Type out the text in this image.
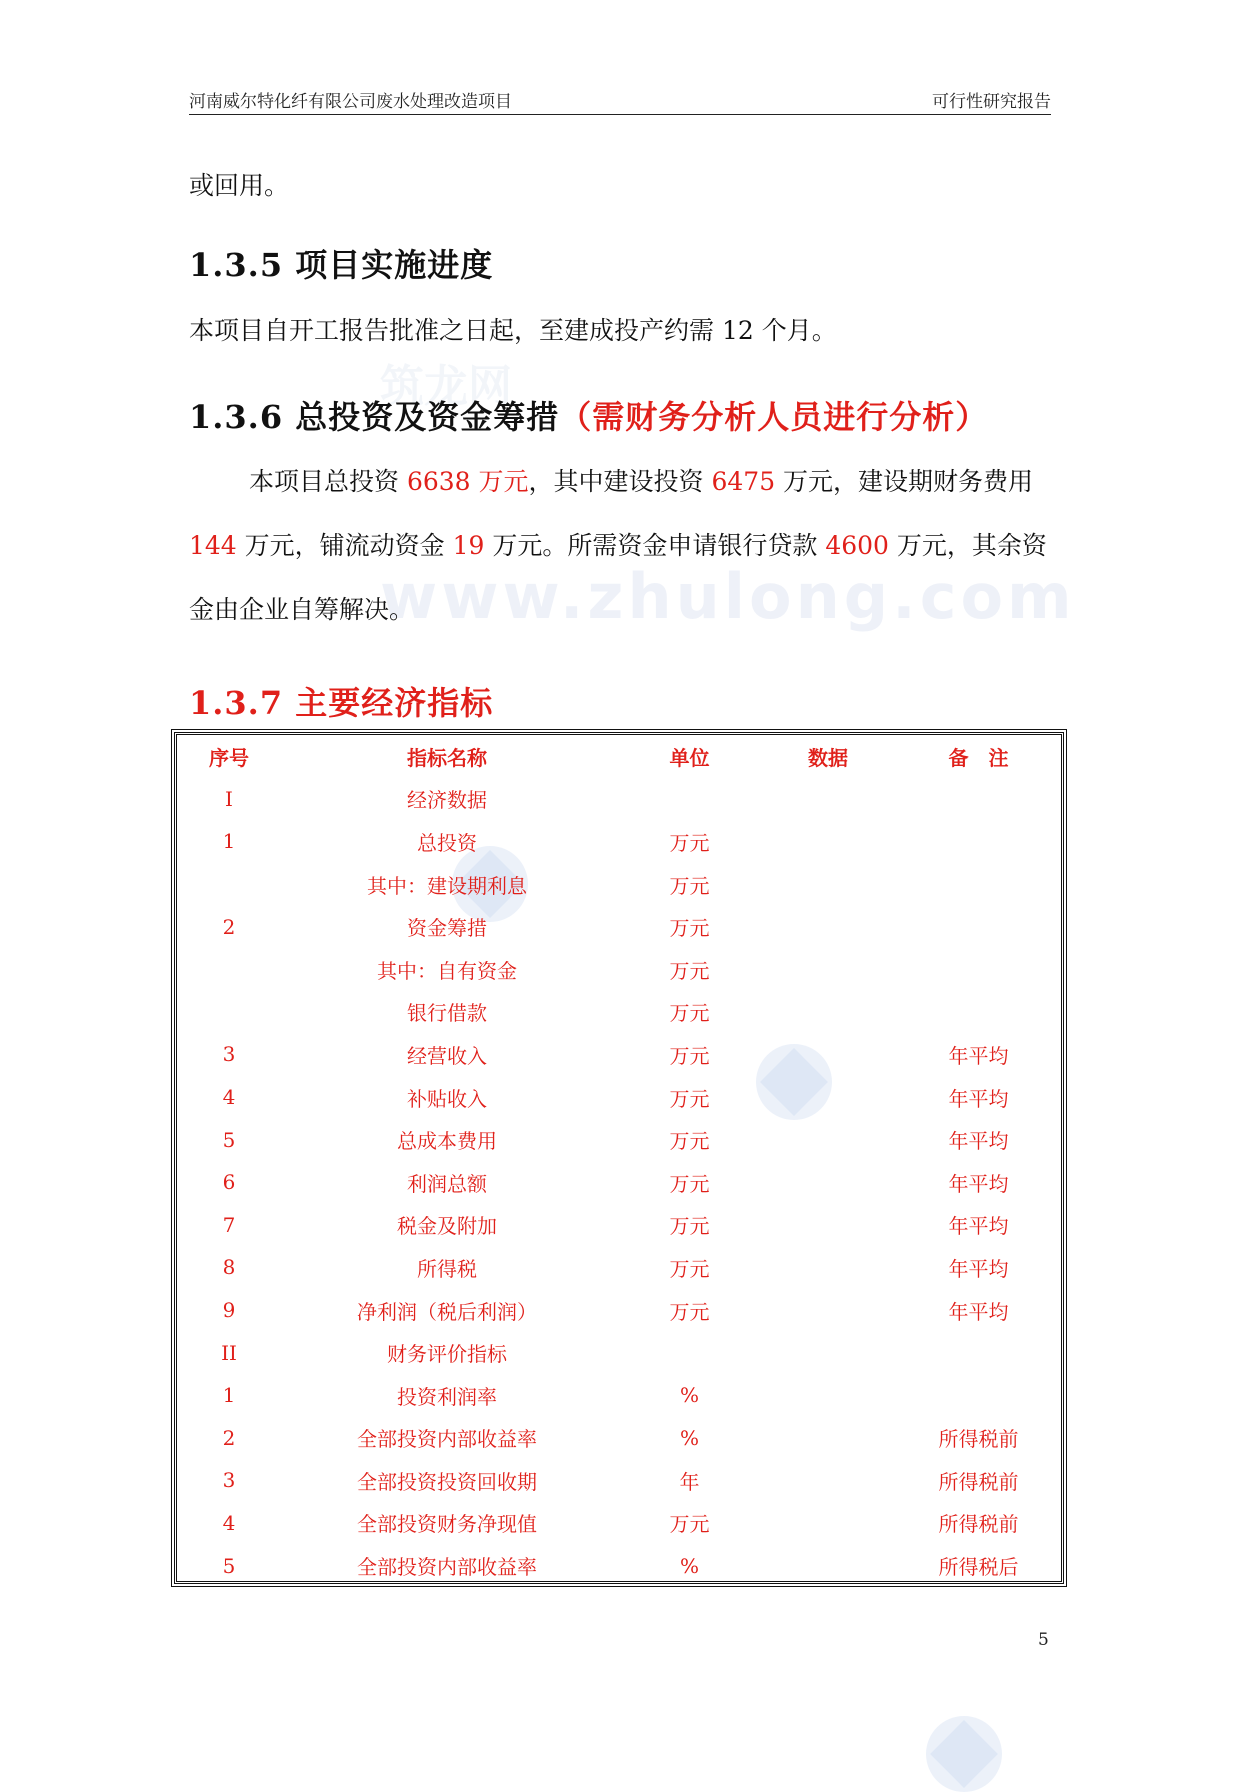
筑龙网
www.zhulong.com
河南威尔特化纤有限公司废水处理改造项目	可行性研究报告
或回用。
1.3.5 项目实施进度
本项目自开工报告批准之日起，至建成投产约需 12 个月。
1.3.6 总投资及资金筹措（需财务分析人员进行分析）
本项目总投资 6638 万元，其中建设投资 6475 万元，建设期财务费用 144 万元，铺流动资金 19 万元。所需资金申请银行贷款 4600 万元，其余资金由企业自筹解决。
1.3.7 主要经济指标
序号	指标名称	单位	数据	备　注
I	经济数据			
1	总投资	万元		
	其中：建设期利息	万元		
2	资金筹措	万元		
	其中：自有资金	万元		
	银行借款	万元		
3	经营收入	万元		年平均
4	补贴收入	万元		年平均
5	总成本费用	万元		年平均
6	利润总额	万元		年平均
7	税金及附加	万元		年平均
8	所得税	万元		年平均
9	净利润（税后利润）	万元		年平均
II	财务评价指标			
1	投资利润率	%		
2	全部投资内部收益率	%		所得税前
3	全部投资投资回收期	年		所得税前
4	全部投资财务净现值	万元		所得税前
5	全部投资内部收益率	%		所得税后
5
